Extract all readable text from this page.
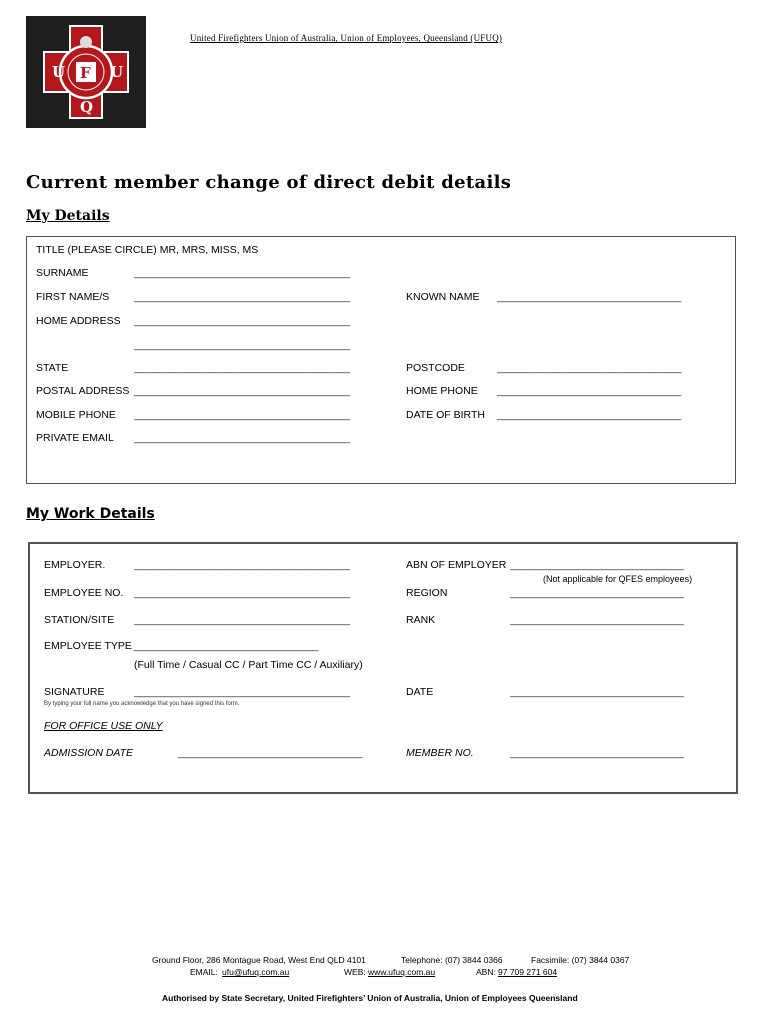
U F U
Q
United Firefighters Union of Australia, Union of Employees, Queensland (UFUQ)
Current member change of direct debit details
My Details
TITLE (PLEASE CIRCLE) MR, MRS, MISS, MS
SURNAME	_________________________________________
FIRST NAME/S _________________________________________	KNOWN NAME ___________________________________
HOME ADDRESS _________________________________________
_________________________________________
STATE	_________________________________________	POSTCODE	___________________________________
POSTAL ADDRESS _________________________________________	HOME PHONE ___________________________________
MOBILE PHONE _________________________________________	DATE OF BIRTH ___________________________________
PRIVATE EMAIL _________________________________________
My Work Details
EMPLOYER.	_________________________________________	ABN OF EMPLOYER _________________________________
(Not applicable for QFES employees)
EMPLOYEE NO. _________________________________________	REGION	_________________________________
STATION/SITE _________________________________________	RANK	_________________________________
EMPLOYEE TYPE ___________________________________
(Full Time / Casual CC / Part Time CC / Auxiliary)
SIGNATURE	_________________________________________	DATE	_________________________________
By typing your full name you acknowledge that you have signed this form.
FOR OFFICE USE ONLY
ADMISSION DATE	___________________________________	MEMBER NO.	_________________________________
Ground Floor, 286 Montague Road, West End QLD 4101	Telephone: (07) 3844 0366	Facsimile: (07) 3844 0367
EMAIL: ufu@ufuq.com.au	WEB: www.ufuq.com.au	ABN: 97 709 271 604
Authorised by State Secretary, United Firefighters’ Union of Australia, Union of Employees Queensland
